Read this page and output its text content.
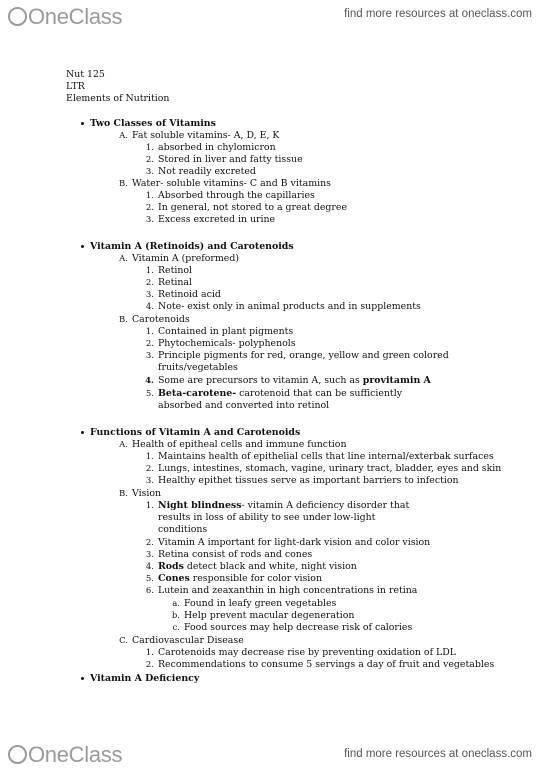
OneClass	find more resources at oneclass.com
Nut 125
LTR
Elements of Nutrition
Two Classes of Vitamins
A. Fat soluble vitamins- A, D, E, K
1. absorbed in chylomicron
2. Stored in liver and fatty tissue
3. Not readily excreted
B. Water- soluble vitamins- C and B vitamins
1. Absorbed through the capillaries
2. In general, not stored to a great degree
3. Excess excreted in urine
Vitamin A (Retinoids) and Carotenoids
A. Vitamin A (preformed)
1. Retinol
2. Retinal
3. Retinoid acid
4. Note- exist only in animal products and in supplements
B. Carotenoids
1. Contained in plant pigments
2. Phytochemicals- polyphenols
3. Principle pigments for red, orange, yellow and green colored
fruits/vegetables
4. Some are precursors to vitamin A, such as provitamin A
5. Beta-carotene- carotenoid that can be sufficiently
absorbed and converted into retinol
Functions of Vitamin A and Carotenoids
A. Health of epitheal cells and immune function
1. Maintains health of epithelial cells that line internal/exterbak surfaces
2. Lungs, intestines, stomach, vagine, urinary tract, bladder, eyes and skin
3. Healthy epithet tissues serve as important barriers to infection
B. Vision
1. Night blindness- vitamin A deficiency disorder that
results in loss of ability to see under low-light
conditions
2. Vitamin A important for light-dark vision and color vision
3. Retina consist of rods and cones
4. Rods detect black and white, night vision
5. Cones responsible for color vision
6. Lutein and zeaxanthin in high concentrations in retina
a. Found in leafy green vegetables
b. Help prevent macular degeneration
c. Food sources may help decrease risk of calories
C. Cardiovascular Disease
1. Carotenoids may decrease rise by preventing oxidation of LDL
2. Recommendations to consume 5 servings a day of fruit and vegetables
Vitamin A Deficiency
OneClass	find more resources at oneclass.com
